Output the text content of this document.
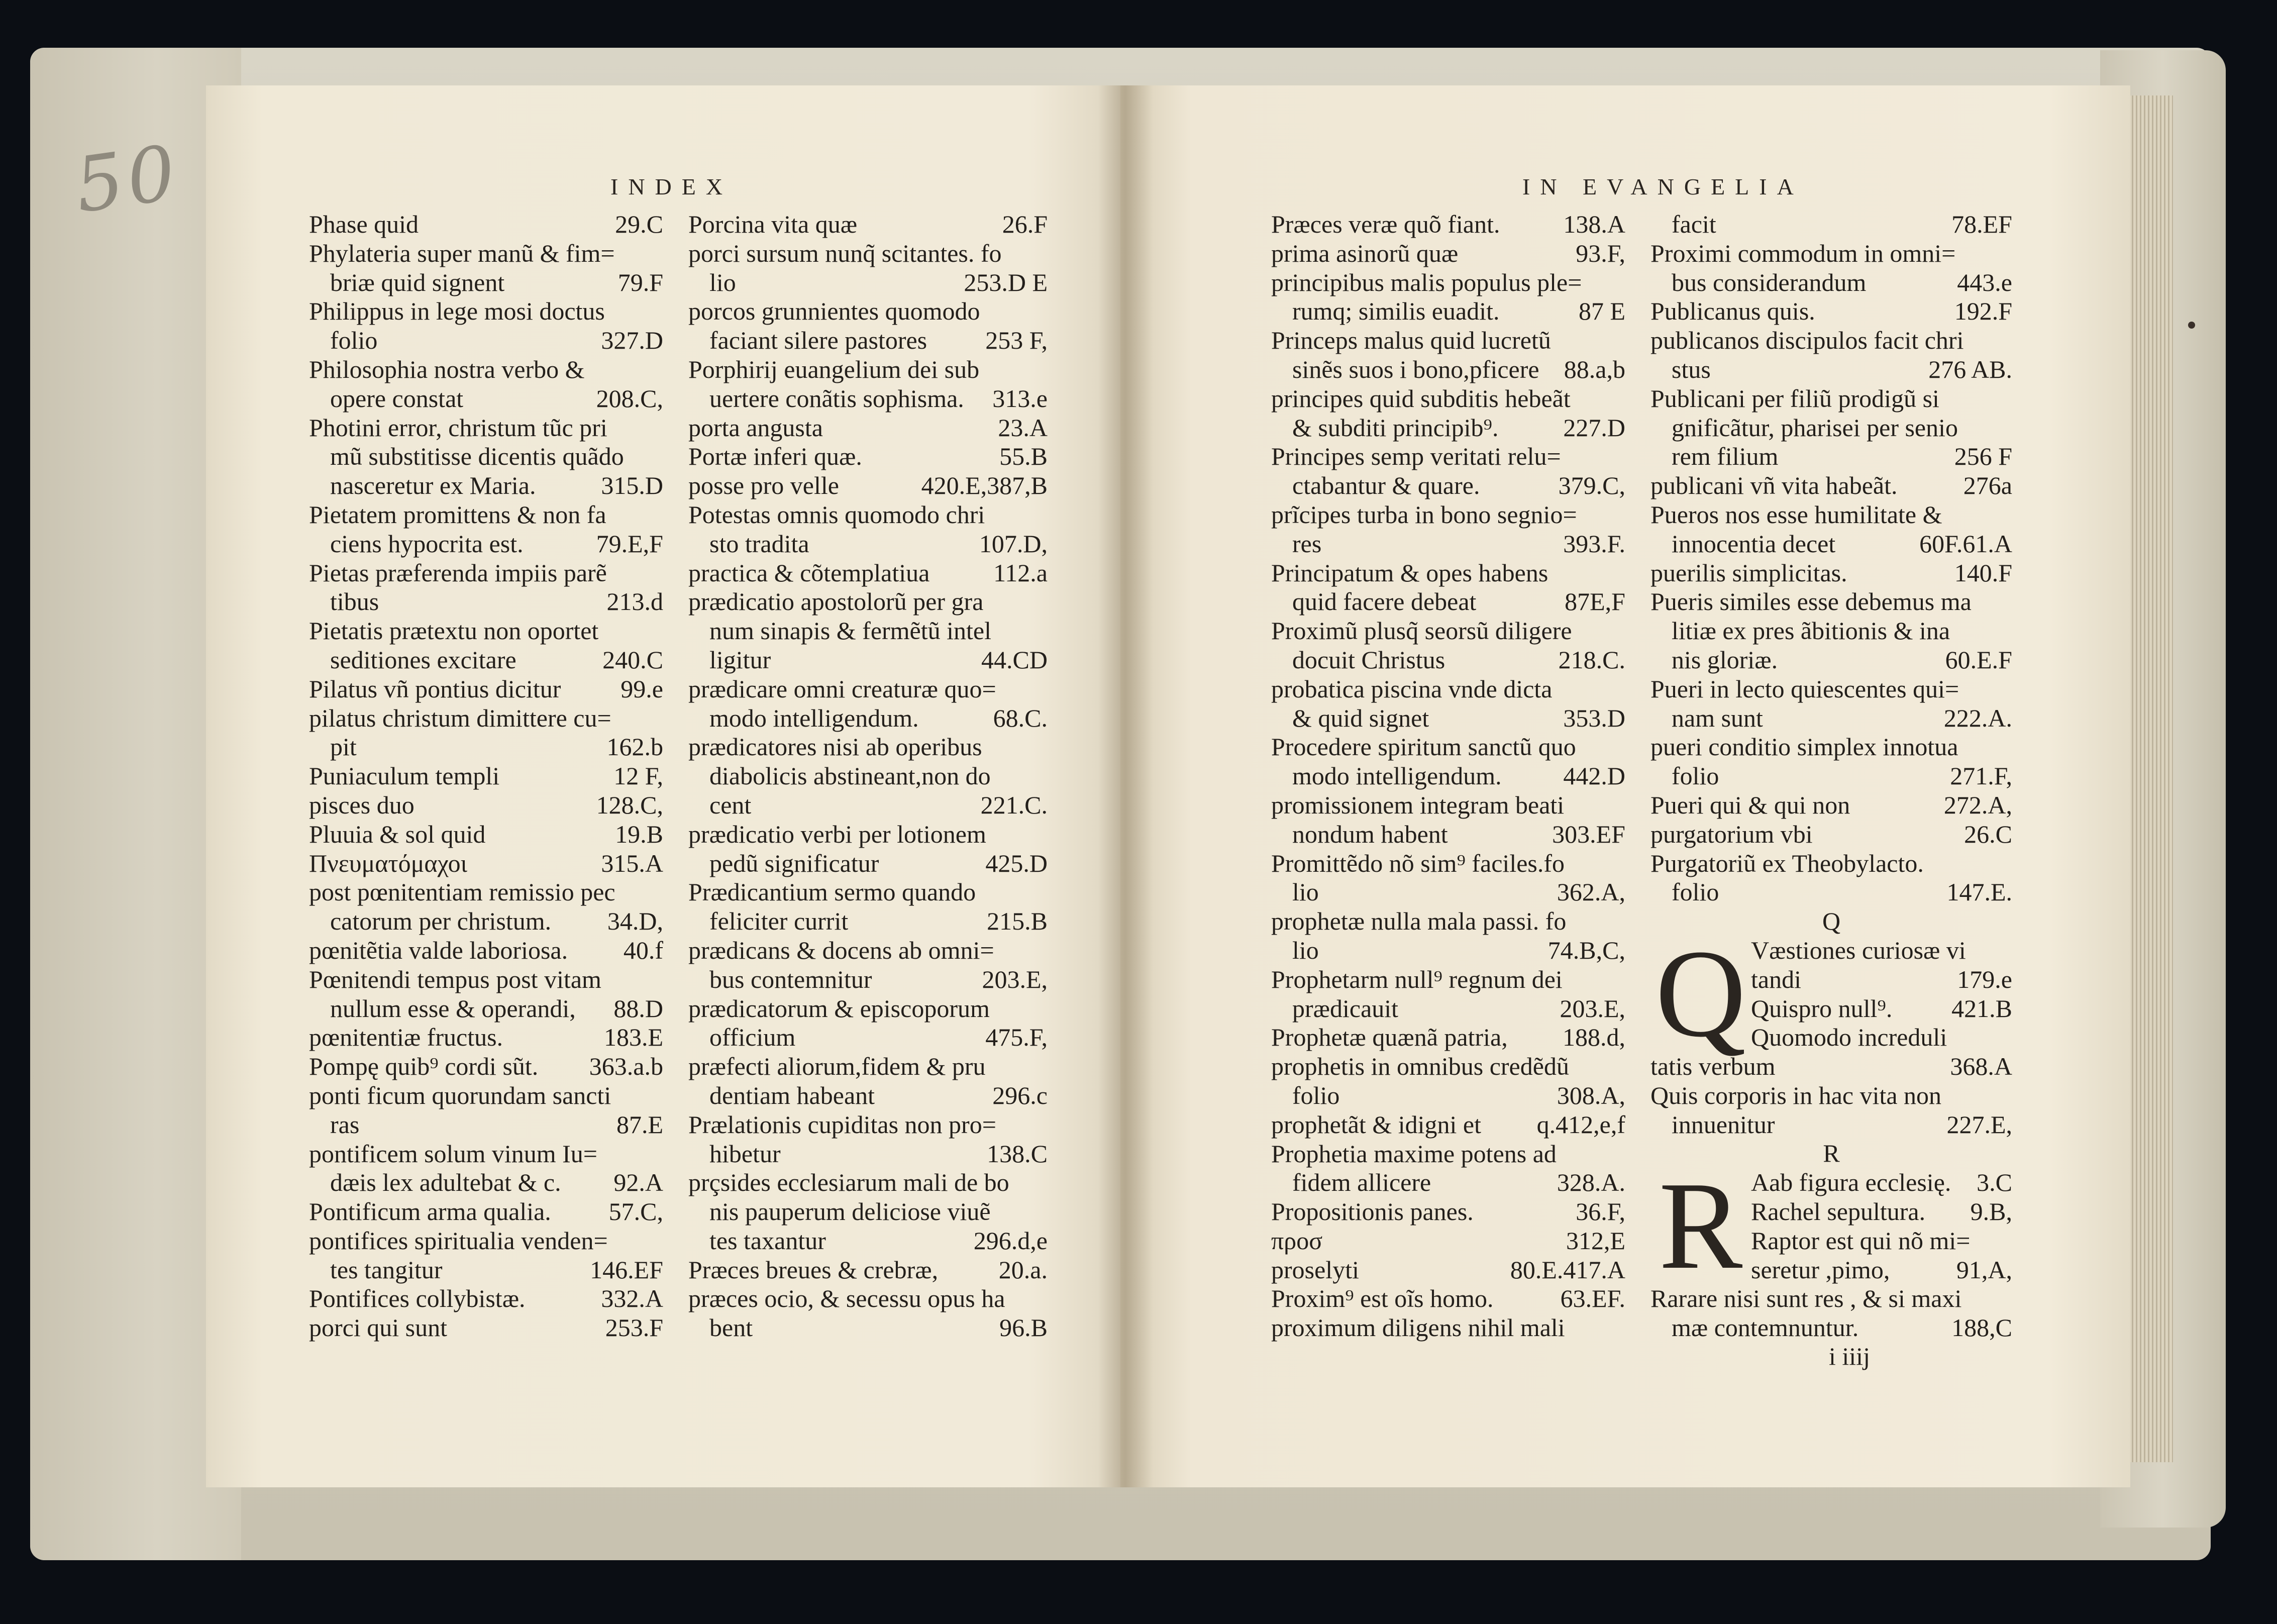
50	INDEX	IN EVANGELIA
Phase quid	29.C
Phylateria super manũ & fim=
briæ quid signent	79.F
Philippus in lege mosi doctus
folio	327.D
Philosophia nostra verbo &
opere constat	208.C,
Photini error, christum tũc pri
mũ substitisse dicentis quãdo
nasceretur ex Maria.	315.D
Pietatem promittens & non fa
ciens hypocrita est.	79.E,F
Pietas præferenda impiis parẽ
tibus	213.d
Pietatis prætextu non oportet
seditiones excitare	240.C
Pilatus vñ pontius dicitur 99.e
pilatus christum dimittere cu=
pit	162.b
Puniaculum templi	12 F,
pisces duo	128.C,
Pluuia & sol quid	19.B
Πνευματόμαχοι	315.A
post pœnitentiam remissio pec
catorum per christum. 34.D,
pœnitẽtia valde laboriosa. 40.f
Pœnitendi tempus post vitam
nullum esse & operandi, 88.D
pœnitentiæ fructus.	183.E
Pompę quib⁹ cordi sũt. 363.a.b
ponti ficum quorundam sancti
ras	87.E
pontificem solum vinum Iu=
dæis lex adultebat & c. 92.A
Pontificum arma qualia. 57.C,
pontifices spiritualia venden=
tes tangitur	146.EF
Pontifices collybistæ.	332.A
porci qui sunt	253.F
Porcina vita quæ	26.F
porci sursum nunq̃ scitantes. fo
lio	253.D E
porcos grunnientes quomodo
faciant silere pastores 253 F,
Porphirij euangelium dei sub
uertere conãtis sophisma. 313.e
porta angusta	23.A
Portæ inferi quæ.	55.B
posse pro velle	420.E,387,B
Potestas omnis quomodo chri
sto tradita	107.D,
practica & cõtemplatiua	112.a
prædicatio apostolorũ per gra
num sinapis & fermẽtũ intel
ligitur	44.CD
prædicare omni creaturæ quo=
modo intelligendum.	68.C.
prædicatores nisi ab operibus
diabolicis abstineant,non do
cent	221.C.
prædicatio verbi per lotionem
pedũ significatur	425.D
Prædicantium sermo quando
feliciter currit	215.B
prædicans & docens ab omni=
bus contemnitur	203.E,
prædicatorum & episcoporum
officium	475.F,
præfecti aliorum,fidem & pru
dentiam habeant	296.c
Prælationis cupiditas non pro=
hibetur	138.C
prçsides ecclesiarum mali de bo
nis pauperum deliciose viuẽ
tes taxantur	296.d,e
Præces breues & crebræ, 20.a.
præces ocio, & secessu opus ha
bent	96.B
Præces veræ quõ fiant.	138.A
prima asinorũ quæ	93.F,
principibus malis populus ple=
rumq; similis euadit.	87 E
Princeps malus quid lucretũ
sinẽs suos i bono,pficere 88.a,b
principes quid subditis hebeãt
& subditi principib⁹.	227.D
Principes semp veritati relu=
ctabantur & quare.	379.C,
prĩcipes turba in bono segnio=
res	393.F.
Principatum & opes habens
quid facere debeat	87E,F
Proximũ plusq̃ seorsũ diligere
docuit Christus	218.C.
probatica piscina vnde dicta
& quid signet	353.D
Procedere spiritum sanctũ quo
modo intelligendum. 442.D
promissionem integram beati
nondum habent	303.EF
Promittẽdo nõ sim⁹ faciles.fo
lio	362.A,
prophetæ nulla mala passi. fo
lio	74.B,C,
Prophetarm null⁹ regnum dei
prædicauit	203.E,
Prophetæ quænã patria, 188.d,
prophetis in omnibus credẽdũ
folio	308.A,
prophetãt & idigni et q.412,e,f
Prophetia maxime potens ad
fidem allicere	328.A.
Propositionis panes.	36.F,
προσ	312,E
proselyti	80.E.417.A
Proxim⁹ est oĩs homo.	63.EF.
proximum diligens nihil mali
facit	78.EF
Proximi commodum in omni=
bus considerandum	443.e
Publicanus quis.	192.F
publicanos discipulos facit chri
stus	276 AB.
Publicani per filiũ prodigũ si
gnificãtur, pharisei per senio
rem filium	256 F
publicani vñ vita habeãt.	276a
Pueros nos esse humilitate &
innocentia decet	60F.61.A
puerilis simplicitas.	140.F
Pueris similes esse debemus ma
litiæ ex pres ãbitionis & ina
nis gloriæ.	60.E.F
Pueri in lecto quiescentes qui=
nam sunt	222.A.
pueri conditio simplex innotua
folio	271.F,
Pueri qui & qui non	272.A,
purgatorium vbi	26.C
Purgatoriũ ex Theobylacto.
folio	147.E.
Q
Q Væstiones curiosæ vi
tandi	179.e
Quispro null⁹. 421.B
Quomodo increduli
tatis verbum	368.A
Quis corporis in hac vita non
innuenitur	227.E,
R
R Aab figura ecclesię. 3.C
Rachel sepultura. 9.B,
Raptor est qui nõ mi=
seretur ,pimo,	91,A,
Rarare nisi sunt res , & si maxi
mæ contemnuntur.	188,C
i iiij
